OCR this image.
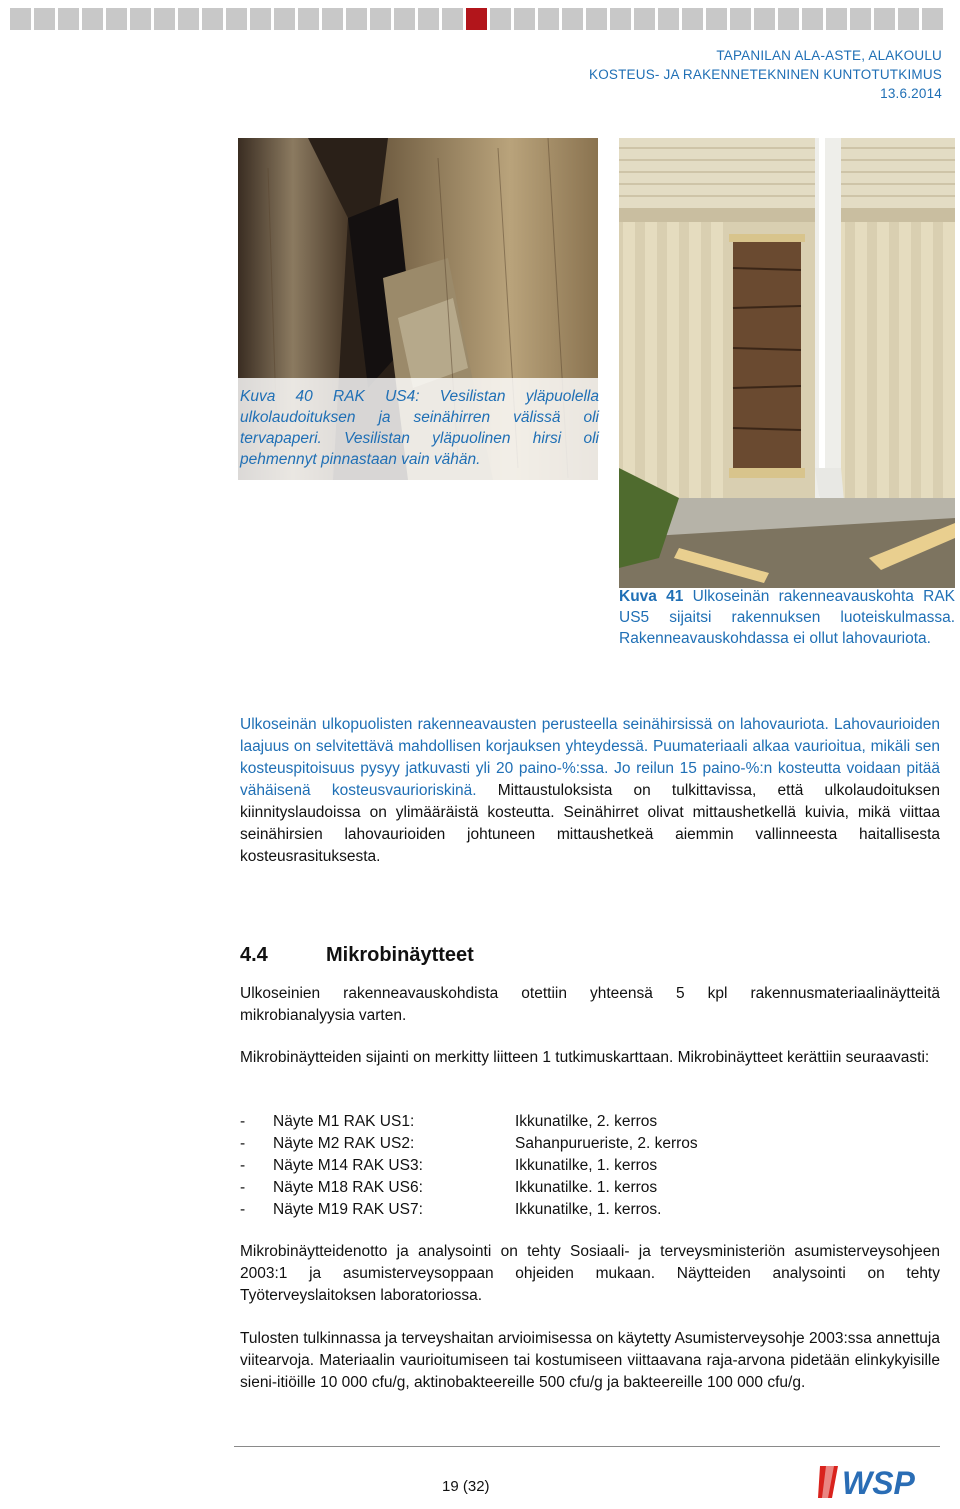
TAPANILAN ALA-ASTE, ALAKOULU
KOSTEUS- JA RAKENNETEKNINEN KUNTOTUTKIMUS
13.6.2014
Kuva 40 RAK US4: Vesilistan yläpuolella ulkolaudoituksen ja seinähirren välissä oli tervapaperi. Vesilistan yläpuolinen hirsi oli pehmennyt pinnastaan vain vähän.
Kuva 41 Ulkoseinän rakenneavauskohta RAK US5 sijaitsi rakennuksen luoteiskulmassa. Rakenneavauskohdassa ei ollut lahovauriota.
Ulkoseinän ulkopuolisten rakenneavausten perusteella seinähirsissä on lahovauriota. Lahovaurioiden laajuus on selvitettävä mahdollisen korjauksen yhteydessä. Puumateriaali alkaa vaurioitua, mikäli sen kosteuspitoisuus pysyy jatkuvasti yli 20 paino-%:ssa. Jo reilun 15 paino-%:n kosteutta voidaan pitää vähäisenä kosteusvaurioriskinä. Mittaustuloksista on tulkittavissa, että ulkolaudoituksen kiinnityslaudoissa on ylimääräistä kosteutta. Seinähirret olivat mittaushetkellä kuivia, mikä viittaa seinähirsien lahovaurioiden johtuneen mittaushetkeä aiemmin vallinneesta haitallisesta kosteusrasituksesta.
4.4	Mikrobinäytteet
Ulkoseinien rakenneavauskohdista otettiin yhteensä 5 kpl rakennusmateriaalinäytteitä mikrobianalyysia varten.
Mikrobinäytteiden sijainti on merkitty liitteen 1 tutkimuskarttaan. Mikrobinäytteet kerättiin seuraavasti:
-	Näyte M1 RAK US1:	Ikkunatilke, 2. kerros
-	Näyte M2 RAK US2:	Sahanpurueriste, 2. kerros
-	Näyte M14 RAK US3:	Ikkunatilke, 1. kerros
-	Näyte M18 RAK US6:	Ikkunatilke. 1. kerros
-	Näyte M19 RAK US7:	Ikkunatilke, 1. kerros.
Mikrobinäytteidenotto ja analysointi on tehty Sosiaali- ja terveysministeriön asumisterveysohjeen 2003:1 ja asumisterveysoppaan ohjeiden mukaan. Näytteiden analysointi on tehty Työterveyslaitoksen laboratoriossa.
Tulosten tulkinnassa ja terveyshaitan arvioimisessa on käytetty Asumisterveysohje 2003:ssa annettuja viitearvoja. Materiaalin vaurioitumiseen tai kostumiseen viittaavana raja-arvona pidetään elinkykyisille sieni-itiöille 10 000 cfu/g, aktinobakteereille 500 cfu/g ja bakteereille 100 000 cfu/g.
19 (32)	WSP
